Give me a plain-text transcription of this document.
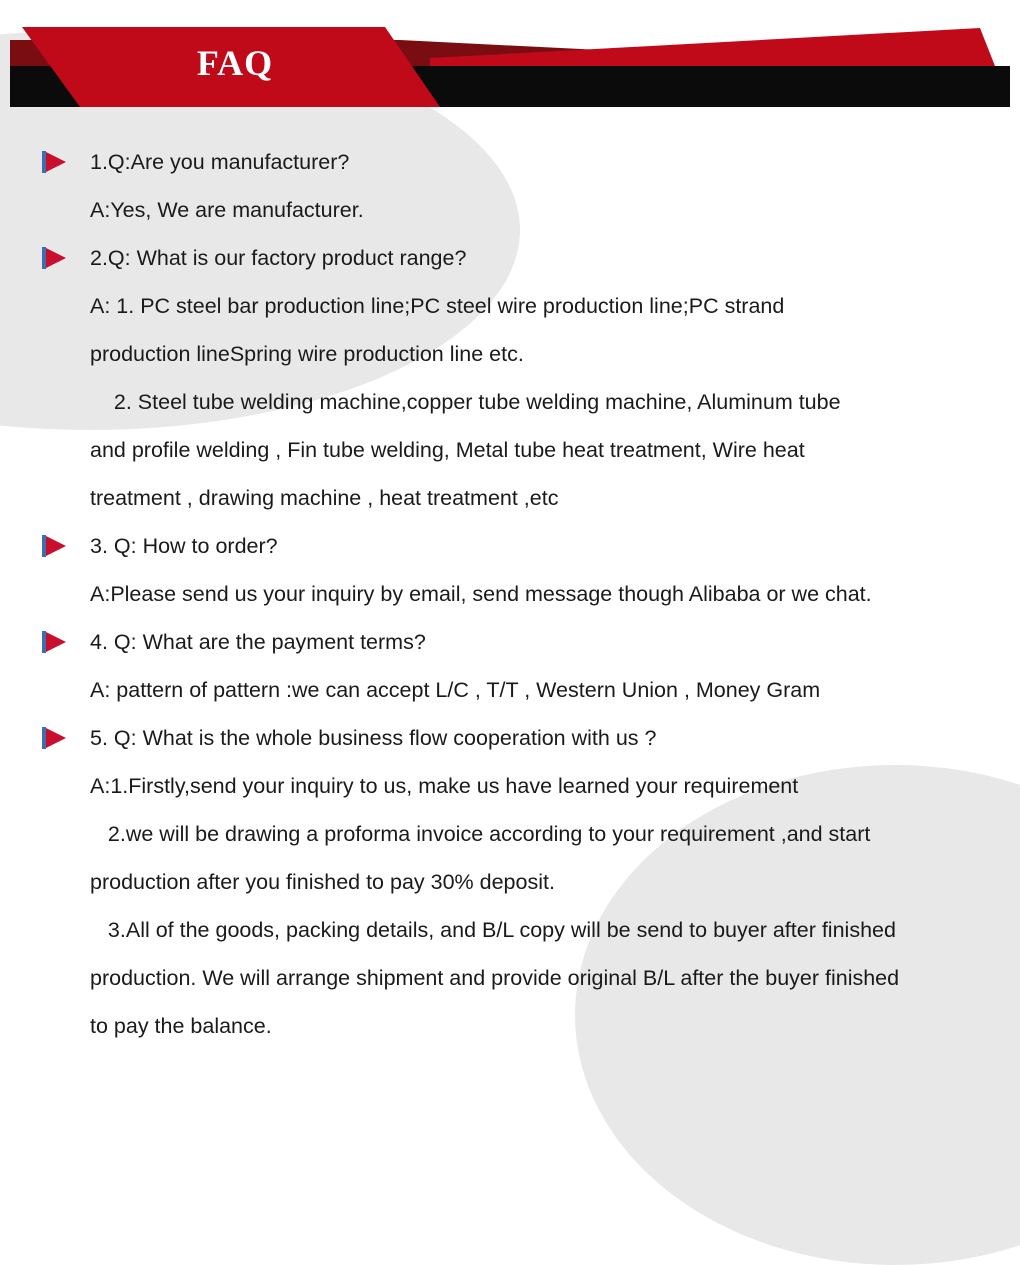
FAQ
1.Q:Are you manufacturer?
A:Yes, We are manufacturer.
2.Q: What is our factory product range?
A: 1. PC steel bar production line;PC steel wire production line;PC strand
production lineSpring wire production line etc.
2. Steel tube welding machine,copper tube welding machine, Aluminum tube
and profile welding , Fin tube welding, Metal tube heat treatment, Wire heat
treatment , drawing machine , heat treatment ,etc
3. Q: How to order?
A:Please send us your inquiry by email, send message though Alibaba or we chat.
4. Q: What are the payment terms?
A: pattern of pattern :we can accept L/C , T/T , Western Union , Money Gram
5. Q: What is the whole business flow cooperation with us ?
A:1.Firstly,send your inquiry to us, make us have learned your requirement
2.we will be drawing a proforma invoice according to your requirement ,and start
production after you finished to pay 30% deposit.
3.All of the goods, packing details, and B/L copy will be send to buyer after finished
production. We will arrange shipment and provide original B/L after the buyer finished
to pay the balance.
